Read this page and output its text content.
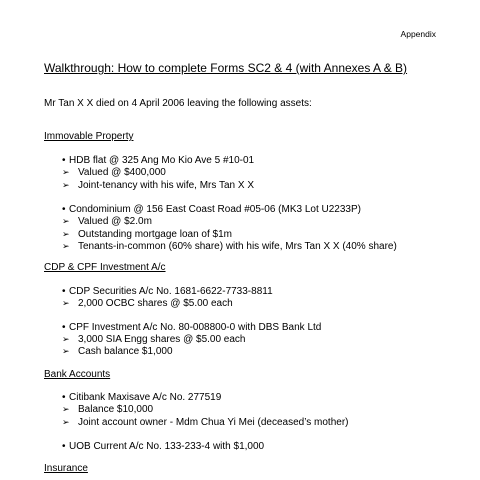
Appendix
Walkthrough: How to complete Forms SC2 & 4 (with Annexes A & B)
Mr Tan X X died on 4 April 2006 leaving the following assets:
Immovable Property
• HDB flat @ 325 Ang Mo Kio Ave 5 #10-01
➢ Valued @ $400,000
➢ Joint-tenancy with his wife, Mrs Tan X X
• Condominium @ 156 East Coast Road #05-06 (MK3 Lot U2233P)
➢ Valued @ $2.0m
➢ Outstanding mortgage loan of $1m
➢ Tenants-in-common (60% share) with his wife, Mrs Tan X X (40% share)
CDP & CPF Investment A/c
• CDP Securities A/c No. 1681-6622-7733-8811
➢ 2,000 OCBC shares @ $5.00 each
• CPF Investment A/c No. 80-008800-0 with DBS Bank Ltd
➢ 3,000 SIA Engg shares @ $5.00 each
➢ Cash balance $1,000
Bank Accounts
• Citibank Maxisave A/c No. 277519
➢ Balance $10,000
➢ Joint account owner - Mdm Chua Yi Mei (deceased’s mother)
• UOB Current A/c No. 133-233-4 with $1,000
Insurance
